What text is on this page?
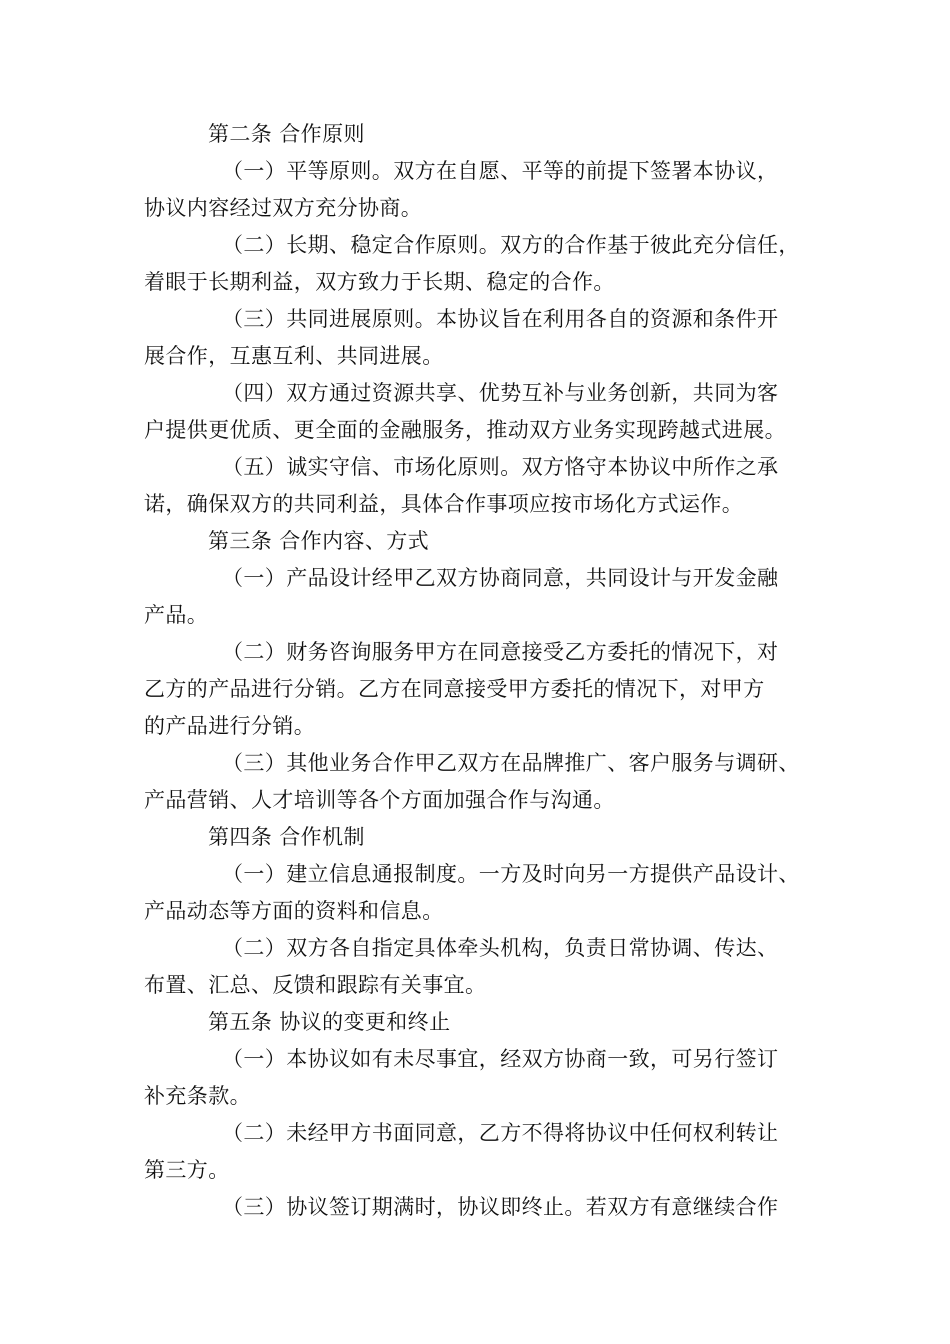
第二条 合作原则

（一）平等原则。双方在自愿、平等的前提下签署本协议，
协议内容经过双方充分协商。
（二）长期、稳定合作原则。双方的合作基于彼此充分信任，
着眼于长期利益，双方致力于长期、稳定的合作。
（三）共同进展原则。本协议旨在利用各自的资源和条件开
展合作，互惠互利、共同进展。
（四）双方通过资源共享、优势互补与业务创新，共同为客
户提供更优质、更全面的金融服务，推动双方业务实现跨越式进展。
（五）诚实守信、市场化原则。双方恪守本协议中所作之承
诺，确保双方的共同利益，具体合作事项应按市场化方式运作。

第三条 合作内容、方式

（一）产品设计经甲乙双方协商同意，共同设计与开发金融
产品。
（二）财务咨询服务甲方在同意接受乙方委托的情况下，对
乙方的产品进行分销。乙方在同意接受甲方委托的情况下，对甲方
的产品进行分销。
（三）其他业务合作甲乙双方在品牌推广、客户服务与调研、
产品营销、人才培训等各个方面加强合作与沟通。

第四条 合作机制

（一）建立信息通报制度。一方及时向另一方提供产品设计、
产品动态等方面的资料和信息。
（二）双方各自指定具体牵头机构，负责日常协调、传达、
布置、汇总、反馈和跟踪有关事宜。

第五条 协议的变更和终止

（一）本协议如有未尽事宜，经双方协商一致，可另行签订
补充条款。
（二）未经甲方书面同意，乙方不得将协议中任何权利转让
第三方。
（三）协议签订期满时，协议即终止。若双方有意继续合作
